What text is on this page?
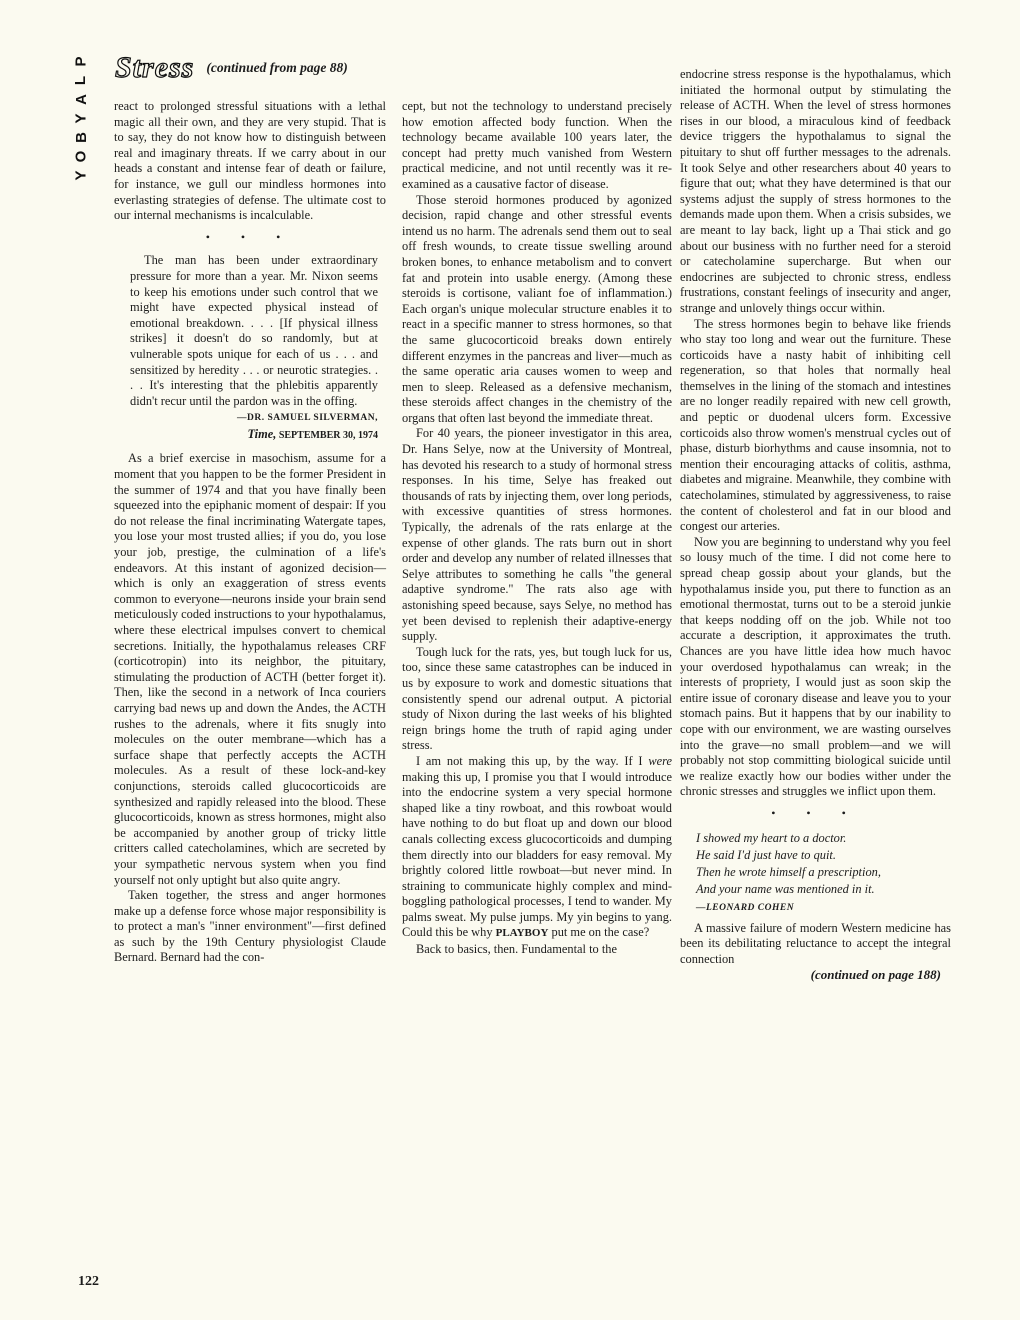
P
L
A
Y
B
O
Y
Stress (continued from page 88)

react to prolonged stressful situations with a lethal magic all their own, and they are very stupid. That is to say, they do not know how to distinguish between real and imaginary threats. If we carry about in our heads a constant and intense fear of death or failure, for instance, we gull our mindless hormones into everlasting strategies of defense. The ultimate cost to our internal mechanisms is incalculable.

• • •

The man has been under extraordinary pressure for more than a year. Mr. Nixon seems to keep his emotions under such control that we might have expected physical instead of emotional breakdown. . . . [If physical illness strikes] it doesn't do so randomly, but at vulnerable spots unique for each of us . . . and sensitized by heredity . . . or neurotic strategies. . . . It's interesting that the phlebitis apparently didn't recur until the pardon was in the offing.

—DR. SAMUEL SILVERMAN,
Time, SEPTEMBER 30, 1974

As a brief exercise in masochism, assume for a moment that you happen to be the former President in the summer of 1974 and that you have finally been squeezed into the epiphanic moment of despair: If you do not release the final incriminating Watergate tapes, you lose your most trusted allies; if you do, you lose your job, prestige, the culmination of a life's endeavors. At this instant of agonized decision—which is only an exaggeration of stress events common to everyone—neurons inside your brain send meticulously coded instructions to your hypothalamus, where these electrical impulses convert to chemical secretions. Initially, the hypothalamus releases CRF (corticotropin) into its neighbor, the pituitary, stimulating the production of ACTH (better forget it). Then, like the second in a network of Inca couriers carrying bad news up and down the Andes, the ACTH rushes to the adrenals, where it fits snugly into molecules on the outer membrane—which has a surface shape that perfectly accepts the ACTH molecules. As a result of these lock-and-key conjunctions, steroids called glucocorticoids are synthesized and rapidly released into the blood. These glucocorticoids, known as stress hormones, might also be accompanied by another group of tricky little critters called catecholamines, which are secreted by your sympathetic nervous system when you find yourself not only uptight but also quite angry.

Taken together, the stress and anger hormones make up a defense force whose major responsibility is to protect a man's "inner environment"—first defined as such by the 19th Century physiologist Claude Bernard. Bernard had the con-

cept, but not the technology to understand precisely how emotion affected body function. When the technology became available 100 years later, the concept had pretty much vanished from Western practical medicine, and not until recently was it re-examined as a causative factor of disease.

Those steroid hormones produced by agonized decision, rapid change and other stressful events intend us no harm. The adrenals send them out to seal off fresh wounds, to create tissue swelling around broken bones, to enhance metabolism and to convert fat and protein into usable energy. (Among these steroids is cortisone, valiant foe of inflammation.) Each organ's unique molecular structure enables it to react in a specific manner to stress hormones, so that the same glucocorticoid breaks down entirely different enzymes in the pancreas and liver—much as the same operatic aria causes women to weep and men to sleep. Released as a defensive mechanism, these steroids affect changes in the chemistry of the organs that often last beyond the immediate threat.

For 40 years, the pioneer investigator in this area, Dr. Hans Selye, now at the University of Montreal, has devoted his research to a study of hormonal stress responses. In his time, Selye has freaked out thousands of rats by injecting them, over long periods, with excessive quantities of stress hormones. Typically, the adrenals of the rats enlarge at the expense of other glands. The rats burn out in short order and develop any number of related illnesses that Selye attributes to something he calls "the general adaptive syndrome." The rats also age with astonishing speed because, says Selye, no method has yet been devised to replenish their adaptive-energy supply.

Tough luck for the rats, yes, but tough luck for us, too, since these same catastrophes can be induced in us by exposure to work and domestic situations that consistently spend our adrenal output. A pictorial study of Nixon during the last weeks of his blighted reign brings home the truth of rapid aging under stress.

I am not making this up, by the way. If I were making this up, I promise you that I would introduce into the endocrine system a very special hormone shaped like a tiny rowboat, and this rowboat would have nothing to do but float up and down our blood canals collecting excess glucocorticoids and dumping them directly into our bladders for easy removal. My brightly colored little rowboat—but never mind. In straining to communicate highly complex and mind-boggling pathological processes, I tend to wander. My palms sweat. My pulse jumps. My yin begins to yang. Could this be why PLAYBOY put me on the case?

Back to basics, then. Fundamental to the

endocrine stress response is the hypothalamus, which initiated the hormonal output by stimulating the release of ACTH. When the level of stress hormones rises in our blood, a miraculous kind of feedback device triggers the hypothalamus to signal the pituitary to shut off further messages to the adrenals. It took Selye and other researchers about 40 years to figure that out; what they have determined is that our systems adjust the supply of stress hormones to the demands made upon them. When a crisis subsides, we are meant to lay back, light up a Thai stick and go about our business with no further need for a steroid or catecholamine supercharge. But when our endocrines are subjected to chronic stress, endless frustrations, constant feelings of insecurity and anger, strange and unlovely things occur within.

The stress hormones begin to behave like friends who stay too long and wear out the furniture. These corticoids have a nasty habit of inhibiting cell regeneration, so that holes that normally heal themselves in the lining of the stomach and intestines are no longer readily repaired with new cell growth, and peptic or duodenal ulcers form. Excessive corticoids also throw women's menstrual cycles out of phase, disturb biorhythms and cause insomnia, not to mention their encouraging attacks of colitis, asthma, diabetes and migraine. Meanwhile, they combine with catecholamines, stimulated by aggressiveness, to raise the content of cholesterol and fat in our blood and congest our arteries.

Now you are beginning to understand why you feel so lousy much of the time. I did not come here to spread cheap gossip about your glands, but the hypothalamus inside you, put there to function as an emotional thermostat, turns out to be a steroid junkie that keeps nodding off on the job. While not too accurate a description, it approximates the truth. Chances are you have little idea how much havoc your overdosed hypothalamus can wreak; in the interests of propriety, I would just as soon skip the entire issue of coronary disease and leave you to your stomach pains. But it happens that by our inability to cope with our environment, we are wasting ourselves into the grave—no small problem—and we will probably not stop committing biological suicide until we realize exactly how our bodies wither under the chronic stresses and struggles we inflict upon them.

• • •
I showed my heart to a doctor.
He said I'd just have to quit.
Then he wrote himself a prescription,
And your name was mentioned in it.
—LEONARD COHEN

A massive failure of modern Western medicine has been its debilitating reluctance to accept the integral connection

(continued on page 188)
122
